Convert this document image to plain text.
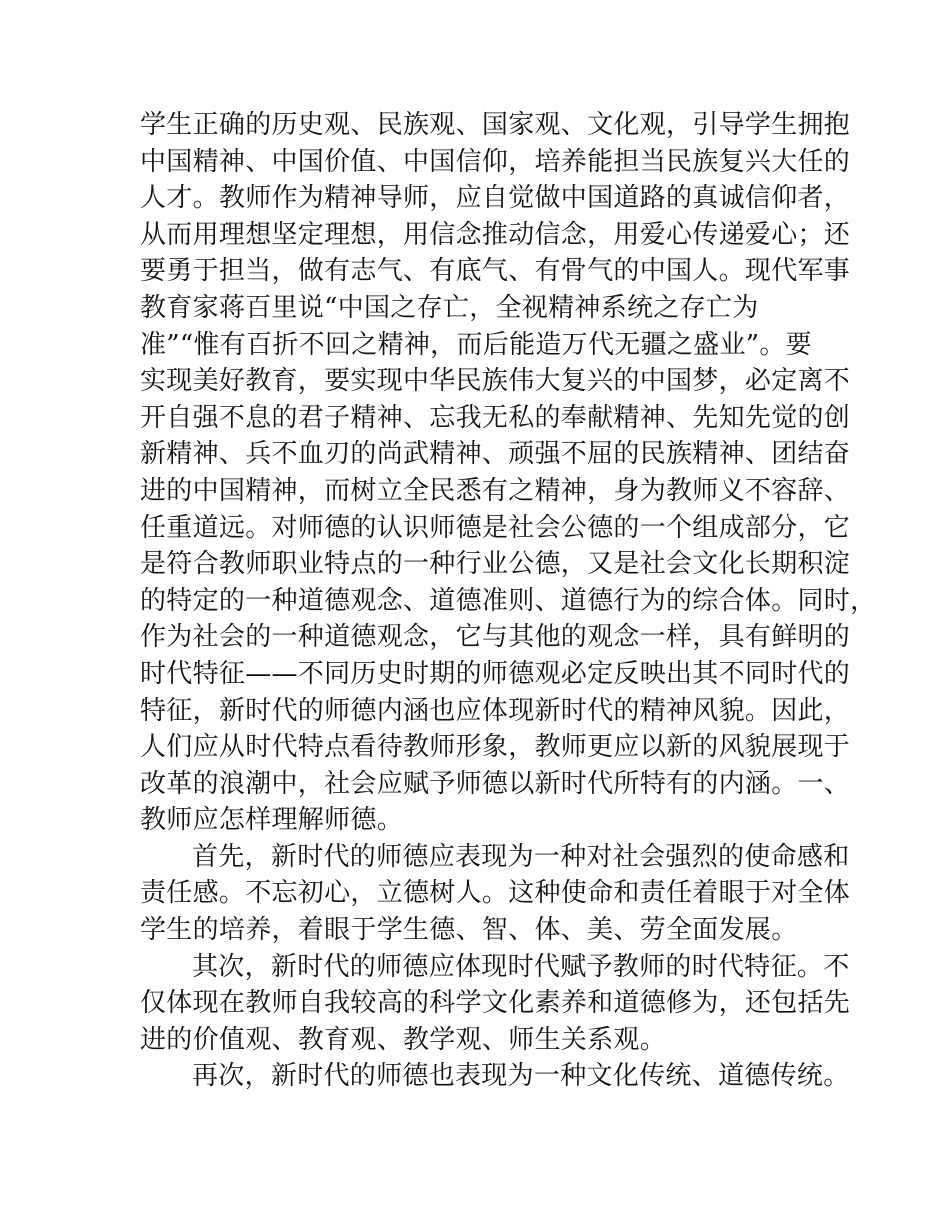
学生正确的历史观、民族观、国家观、文化观，引导学生拥抱
中国精神、中国价值、中国信仰，培养能担当民族复兴大任的
人才。教师作为精神导师，应自觉做中国道路的真诚信仰者，
从而用理想坚定理想，用信念推动信念，用爱心传递爱心；还
要勇于担当，做有志气、有底气、有骨气的中国人。现代军事
教育家蒋百里说“中国之存亡，全视精神系统之存亡为
准”“惟有百折不回之精神，而后能造万代无疆之盛业”。要
实现美好教育，要实现中华民族伟大复兴的中国梦，必定离不
开自强不息的君子精神、忘我无私的奉献精神、先知先觉的创
新精神、兵不血刃的尚武精神、顽强不屈的民族精神、团结奋
进的中国精神，而树立全民悉有之精神，身为教师义不容辞、
任重道远。对师德的认识师德是社会公德的一个组成部分，它
是符合教师职业特点的一种行业公德，又是社会文化长期积淀
的特定的一种道德观念、道德准则、道德行为的综合体。同时，
作为社会的一种道德观念，它与其他的观念一样，具有鲜明的
时代特征——不同历史时期的师德观必定反映出其不同时代的
特征，新时代的师德内涵也应体现新时代的精神风貌。因此，
人们应从时代特点看待教师形象，教师更应以新的风貌展现于
改革的浪潮中，社会应赋予师德以新时代所特有的内涵。一、
教师应怎样理解师德。
首先，新时代的师德应表现为一种对社会强烈的使命感和
责任感。不忘初心，立德树人。这种使命和责任着眼于对全体
学生的培养，着眼于学生德、智、体、美、劳全面发展。
其次，新时代的师德应体现时代赋予教师的时代特征。不
仅体现在教师自我较高的科学文化素养和道德修为，还包括先
进的价值观、教育观、教学观、师生关系观。
再次，新时代的师德也表现为一种文化传统、道德传统。
